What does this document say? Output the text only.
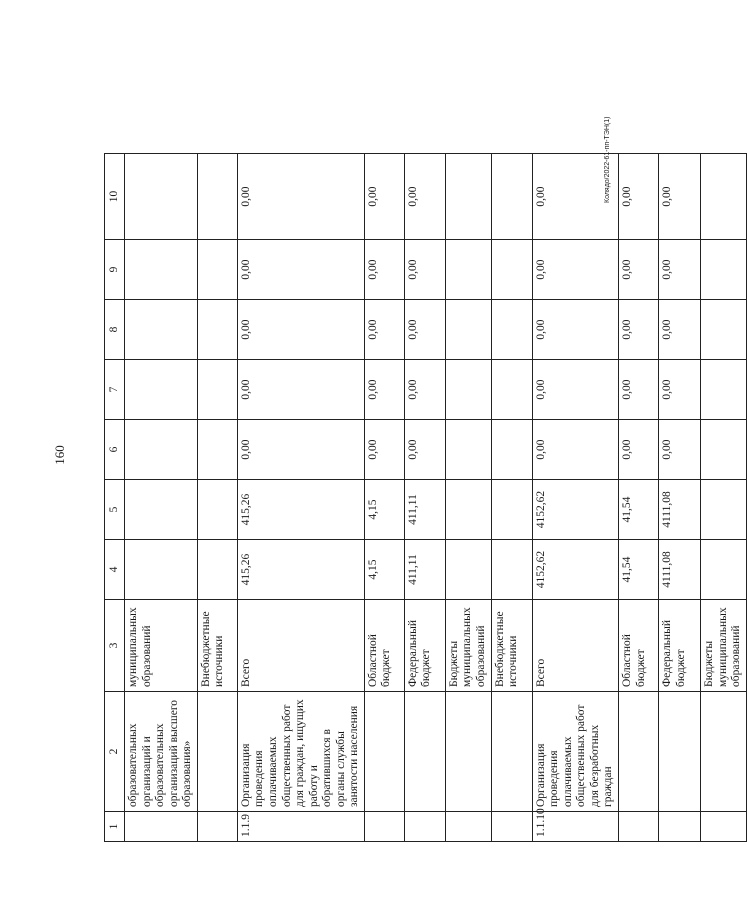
160
Колядо/2022-61-пп-ТЭН(1)
1	2	3	4	5	6	7	8	9	10
	образовательных организаций и образовательных организаций высшего образования»	муниципальных образований							
		Внебюджетные источники							
1.1.9	Организация проведения оплачиваемых общественных работ для граждан, ищущих работу и обратившихся в органы службы занятости населения	Всего	415,26	415,26	0,00	0,00	0,00	0,00	0,00
		Областной бюджет	4,15	4,15	0,00	0,00	0,00	0,00	0,00
		Федеральный бюджет	411,11	411,11	0,00	0,00	0,00	0,00	0,00
		Бюджеты муниципальных образований							
		Внебюджетные источники							
1.1.10	Организация проведения оплачиваемых общественных работ для безработных граждан	Всего	4152,62	4152,62	0,00	0,00	0,00	0,00	0,00
		Областной бюджет	41,54	41,54	0,00	0,00	0,00	0,00	0,00
		Федеральный бюджет	4111,08	4111,08	0,00	0,00	0,00	0,00	0,00
		Бюджеты муниципальных образований							
